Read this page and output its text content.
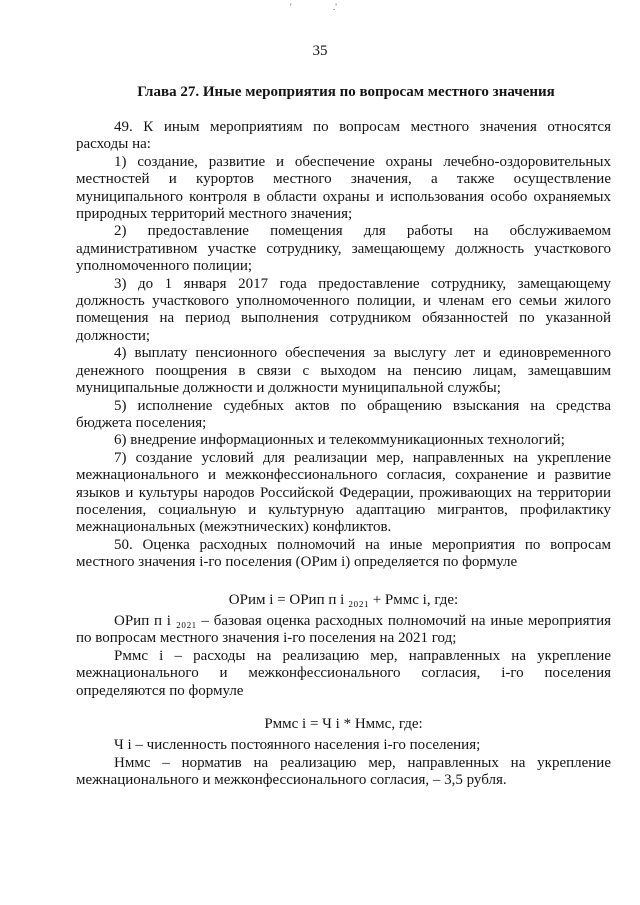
'	.'
35
Глава 27. Иные мероприятия по вопросам местного значения

49. К иным мероприятиям по вопросам местного значения относятся расходы на:

1) создание, развитие и обеспечение охраны лечебно-оздоровительных местностей и курортов местного значения, а также осуществление муниципального контроля в области охраны и использования особо охраняемых природных территорий местного значения;

2) предоставление помещения для работы на обслуживаемом административном участке сотруднику, замещающему должность участкового уполномоченного полиции;

3) до 1 января 2017 года предоставление сотруднику, замещающему должность участкового уполномоченного полиции, и членам его семьи жилого помещения на период выполнения сотрудником обязанностей по указанной должности;

4) выплату пенсионного обеспечения за выслугу лет и единовременного денежного поощрения в связи с выходом на пенсию лицам, замещавшим муниципальные должности и должности муниципальной службы;

5) исполнение судебных актов по обращению взыскания на средства бюджета поселения;

6) внедрение информационных и телекоммуникационных технологий;

7) создание условий для реализации мер, направленных на укрепление межнационального и межконфессионального согласия, сохранение и развитие языков и культуры народов Российской Федерации, проживающих на территории поселения, социальную и культурную адаптацию мигрантов, профилактику межнациональных (межэтнических) конфликтов.

50. Оценка расходных полномочий на иные мероприятия по вопросам местного значения i-го поселения (ОРим i) определяется по формуле

ОРим i = ОРип п i ₂₀₂₁ + Рммс i, где:

ОРип п i ₂₀₂₁ – базовая оценка расходных полномочий на иные мероприятия по вопросам местного значения i-го поселения на 2021 год;

Рммс i – расходы на реализацию мер, направленных на укрепление межнационального и межконфессионального согласия, i-го поселения определяются по формуле

Рммс i = Ч i * Нммс, где:

Ч i – численность постоянного населения i-го поселения;

Нммс – норматив на реализацию мер, направленных на укрепление межнационального и межконфессионального согласия, – 3,5 рубля.
